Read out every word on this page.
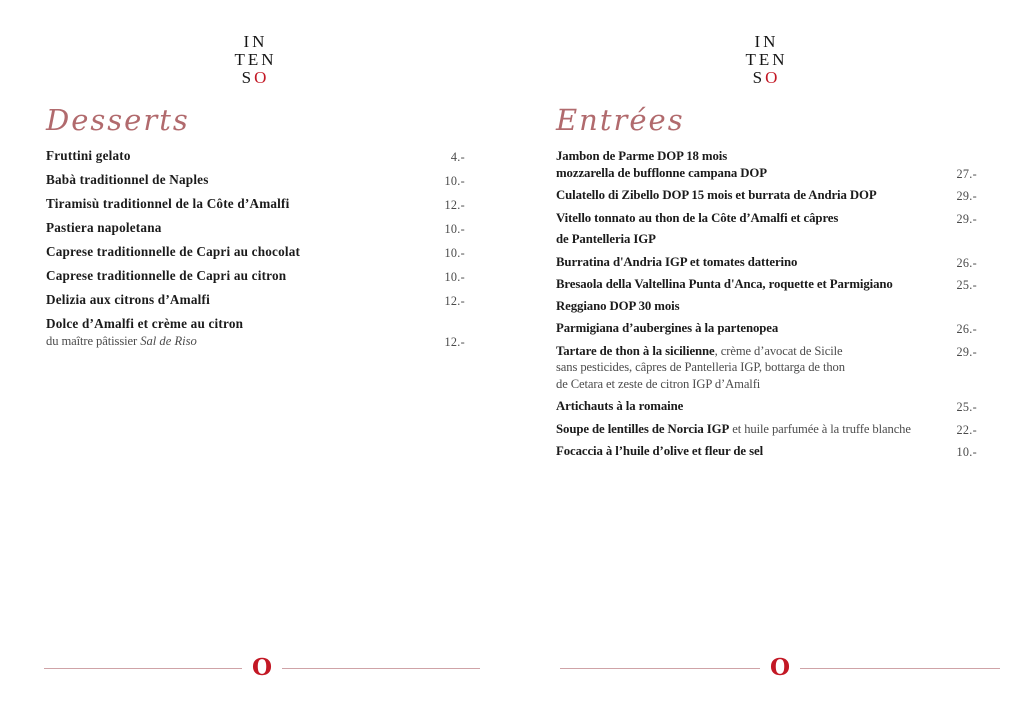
IN
TEN
SO
Desserts
Fruttini gelato	4.-
Babà traditionnel de Naples	10.-
Tiramisù traditionnel de la Côte d’Amalfi	12.-
Pastiera napoletana	10.-
Caprese traditionnelle de Capri au chocolat	10.-
Caprese traditionnelle de Capri au citron	10.-
Delizia aux citrons d’Amalfi	12.-
Dolce d’Amalfi et crème au citron
du maître pâtissier Sal de Riso	12.-
IN
TEN
SO
Entrées
Jambon de Parme DOP 18 mois
mozzarella de bufflonne campana DOP	27.-
Culatello di Zibello DOP 15 mois et burrata de Andria DOP	29.-
Vitello tonnato au thon de la Côte d’Amalfi et câpres	29.-
de Pantelleria IGP
Burratina d'Andria IGP et tomates datterino	26.-
Bresaola della Valtellina Punta d'Anca, roquette et Parmigiano	25.-
Reggiano DOP 30 mois
Parmigiana d’aubergines à la partenopea	26.-
Tartare de thon à la sicilienne, crème d’avocat de Sicile	29.-
sans pesticides, câpres de Pantelleria IGP, bottarga de thon
de Cetara et zeste de citron IGP d’Amalfi
Artichauts à la romaine	25.-
Soupe de lentilles de Norcia IGP et huile parfumée à la truffe blanche	22.-
Focaccia à l’huile d’olive et fleur de sel	10.-
O	O
